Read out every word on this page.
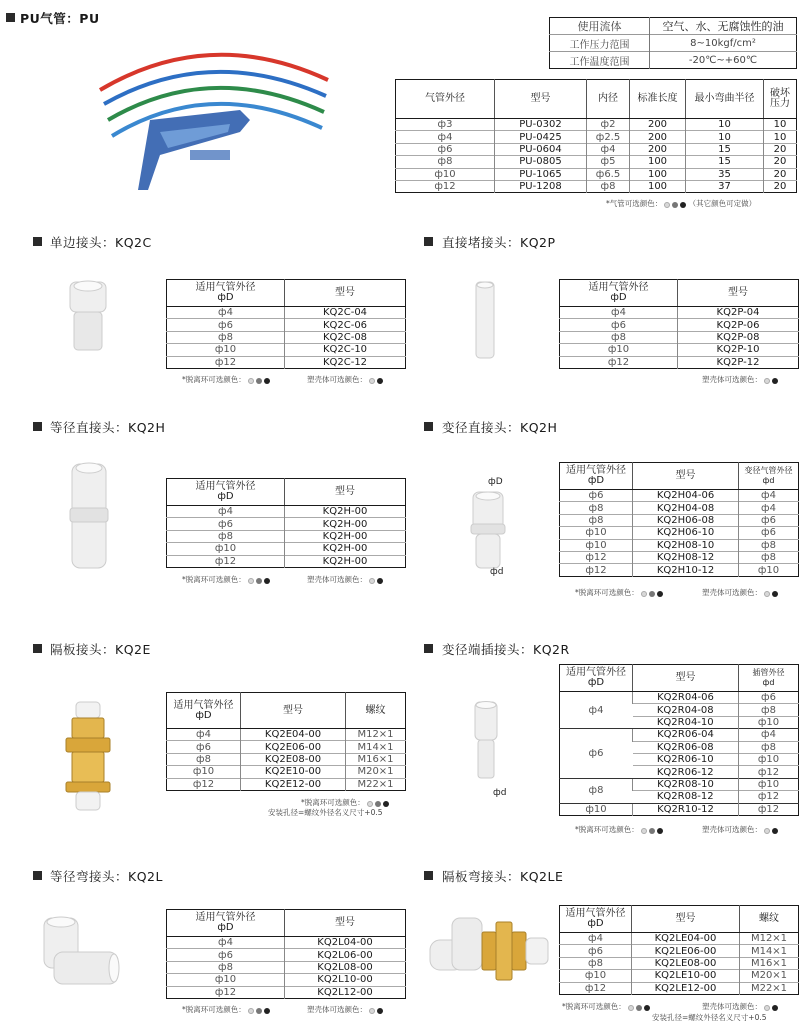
PU气管：PU
使用流体	空气、水、无腐蚀性的油
工作压力范围	8~10kgf/cm²
工作温度范围	-20℃~+60℃
气管外径	型号	内径	标准长度	最小弯曲半径	破坏压力
ф3	PU-0302	ф2	200	10	10
ф4	PU-0425	ф2.5	200	10	10
ф6	PU-0604	ф4	200	15	20
ф8	PU-0805	ф5	100	15	20
ф10	PU-1065	ф6.5	100	35	20
ф12	PU-1208	ф8	100	37	20
*气管可选颜色：	（其它颜色可定做）
单边接头：KQ2C
适用气管外径
фD	型号
ф4	KQ2C-04
ф6	KQ2C-06
ф8	KQ2C-08
ф10	KQ2C-10
ф12	KQ2C-12
*脱离环可选颜色：	塑壳体可选颜色：
直接堵接头：KQ2P
适用气管外径
фD	型号
ф4	KQ2P-04
ф6	KQ2P-06
ф8	KQ2P-08
ф10	KQ2P-10
ф12	KQ2P-12
塑壳体可选颜色：
等径直接头：KQ2H
适用气管外径
фD	型号
ф4	KQ2H-00
ф6	KQ2H-00
ф8	KQ2H-00
ф10	KQ2H-00
ф12	KQ2H-00
*脱离环可选颜色：	塑壳体可选颜色：
变径直接头：KQ2H
фD
фd
适用气管外径
фD	型号	变径气管外径
фd
ф6	KQ2H04-06	ф4
ф8	KQ2H04-08	ф4
ф8	KQ2H06-08	ф6
ф10	KQ2H06-10	ф6
ф10	KQ2H08-10	ф8
ф12	KQ2H08-12	ф8
ф12	KQ2H10-12	ф10
*脱离环可选颜色：	塑壳体可选颜色：
隔板接头：KQ2E
适用气管外径
фD	型号	螺纹
ф4	KQ2E04-00	M12×1
ф6	KQ2E06-00	M14×1
ф8	KQ2E08-00	M16×1
ф10	KQ2E10-00	M20×1
ф12	KQ2E12-00	M22×1
*脱离环可选颜色：
安装孔径=螺纹外径名义尺寸+0.5
变径端插接头：KQ2R
фd
适用气管外径
фD	型号	插管外径
фd
ф4	KQ2R04-06	ф6
	KQ2R04-08	ф8
	KQ2R04-10	ф10
ф6	KQ2R06-04	ф4
	KQ2R06-08	ф8
	KQ2R06-10	ф10
	KQ2R06-12	ф12
ф8	KQ2R08-10	ф10
	KQ2R08-12	ф12
ф10	KQ2R10-12	ф12
*脱离环可选颜色：	塑壳体可选颜色：
等径弯接头：KQ2L
适用气管外径
фD	型号
ф4	KQ2L04-00
ф6	KQ2L06-00
ф8	KQ2L08-00
ф10	KQ2L10-00
ф12	KQ2L12-00
*脱离环可选颜色：	塑壳体可选颜色：
隔板弯接头：KQ2LE
适用气管外径
фD	型号	螺纹
ф4	KQ2LE04-00	M12×1
ф6	KQ2LE06-00	M14×1
ф8	KQ2LE08-00	M16×1
ф10	KQ2LE10-00	M20×1
ф12	KQ2LE12-00	M22×1
*脱离环可选颜色：	塑壳体可选颜色：
安装孔径=螺纹外径名义尺寸+0.5
